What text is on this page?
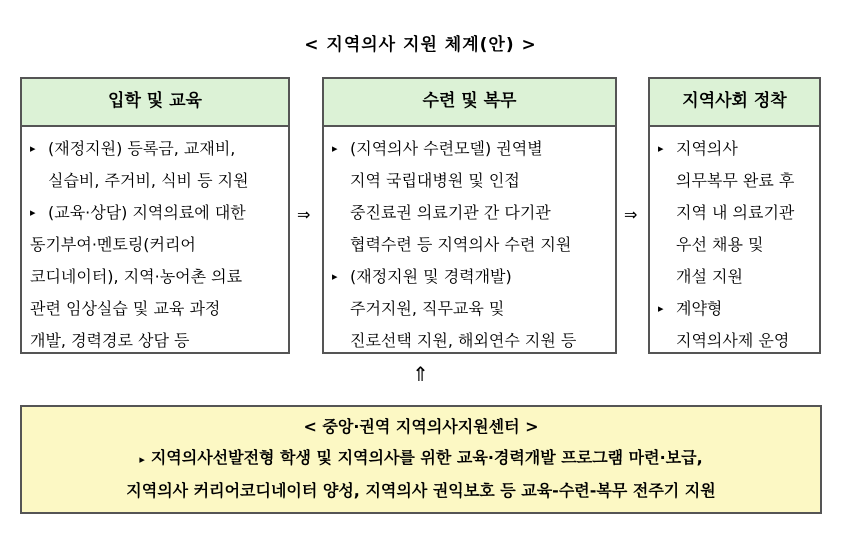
< 지역의사 지원 체계(안) >
입학 및 교육
▸ (재정지원) 등록금, 교재비,
실습비, 주거비, 식비 등 지원
▸ (교육·상담) 지역의료에 대한
동기부여·멘토링(커리어
코디네이터), 지역·농어촌 의료
관련 임상실습 및 교육 과정
개발, 경력경로 상담 등
⇒
수련 및 복무
▸ (지역의사 수련모델) 권역별
지역 국립대병원 및 인접
중진료권 의료기관 간 다기관
협력수련 등 지역의사 수련 지원
▸ (재정지원 및 경력개발)
주거지원, 직무교육 및
진로선택 지원, 해외연수 지원 등
⇒
지역사회 정착
▸ 지역의사
의무복무 완료 후
지역 내 의료기관
우선 채용 및
개설 지원
▸ 계약형
지역의사제 운영
⇑
< 중앙·권역 지역의사지원센터 >
▸ 지역의사선발전형 학생 및 지역의사를 위한 교육·경력개발 프로그램 마련·보급,
지역의사 커리어코디네이터 양성, 지역의사 권익보호 등 교육-수련-복무 전주기 지원
